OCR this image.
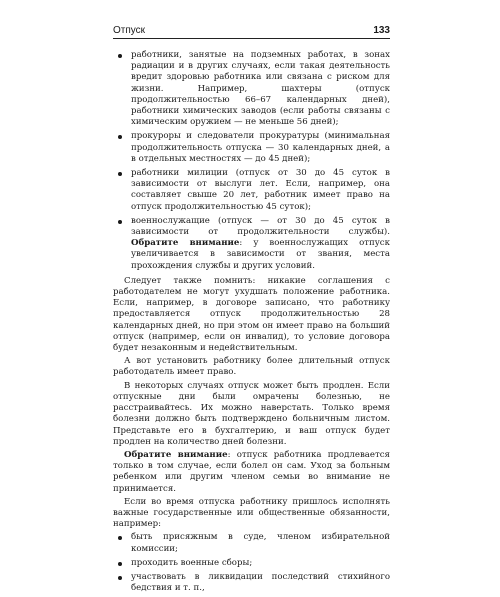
Отпуск	133
работники, занятые на подземных работах, в зонах радиации и в других случаях, если такая деятельность вредит здоровью работника или связана с риском для жизни. Например, шахтеры (отпуск продолжительностью 66–67 календарных дней), работники химических заводов (если работы связаны с химическим оружием — не меньше 56 дней);
прокуроры и следователи прокуратуры (минимальная продолжительность отпуска — 30 календарных дней, а в отдельных местностях — до 45 дней);
работники милиции (отпуск от 30 до 45 суток в зависимости от выслуги лет. Если, например, она составляет свыше 20 лет, работник имеет право на отпуск продолжительностью 45 суток);
военнослужащие (отпуск — от 30 до 45 суток в зависимости от продолжительности службы). Обратите внимание: у военнослужащих отпуск увеличивается в зависимости от звания, места прохождения службы и других условий.

Следует также помнить: никакие соглашения с работодателем не могут ухудшать положение работника. Если, например, в договоре записано, что работнику предоставляется отпуск продолжительностью 28 календарных дней, но при этом он имеет право на больший отпуск (например, если он инвалид), то условие договора будет незаконным и недействительным.

А вот установить работнику более длительный отпуск работодатель имеет право.

В некоторых случаях отпуск может быть продлен. Если отпускные дни были омрачены болезнью, не расстраивайтесь. Их можно наверстать. Только время болезни должно быть подтверждено больничным листом. Представьте его в бухгалтерию, и ваш отпуск будет продлен на количество дней болезни.

Обратите внимание: отпуск работника продлевается только в том случае, если болел он сам. Уход за больным ребенком или другим членом семьи во внимание не принимается.

Если во время отпуска работнику пришлось исполнять важные государственные или общественные обязанности, например:

быть присяжным в суде, членом избирательной комиссии;
проходить военные сборы;
участвовать в ликвидации последствий стихийного бедствия и т. п.,
